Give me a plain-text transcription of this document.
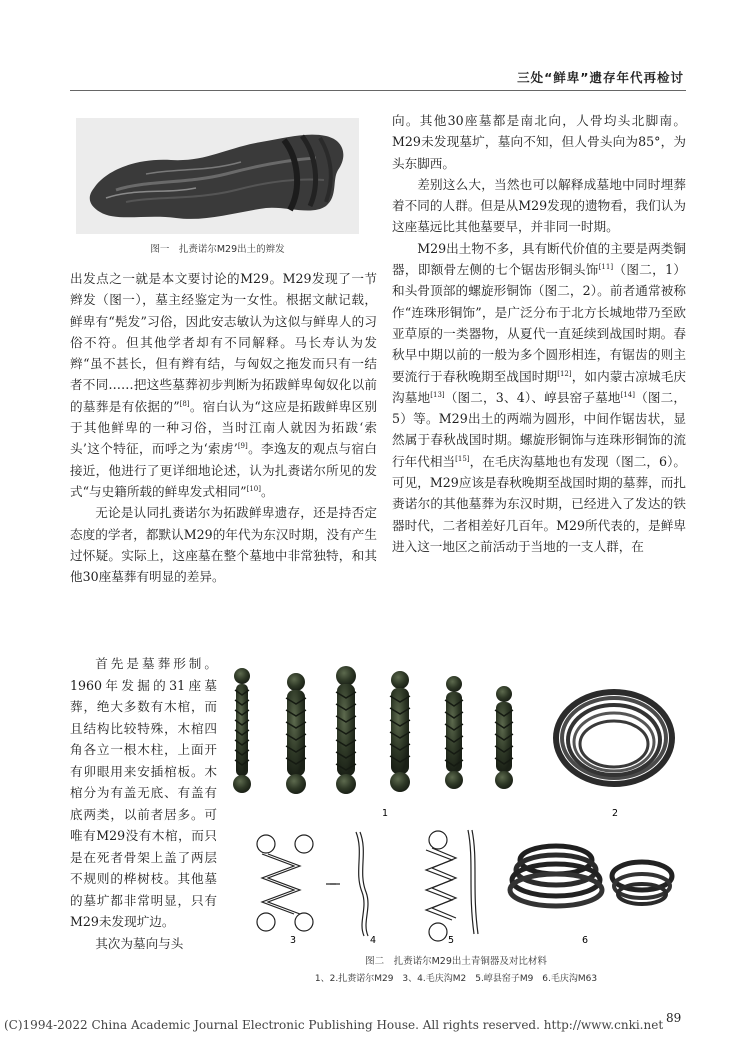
三处“鲜卑”遗存年代再检讨
图一　扎赉诺尔M29出土的辫发

出发点之一就是本文要讨论的M29。M29发现了一节辫发（图一），墓主经鉴定为一女性。根据文献记载，鲜卑有“髡发”习俗，因此安志敏认为这似与鲜卑人的习俗不符。但其他学者却有不同解释。马长寿认为发辫“虽不甚长，但有辫有结，与匈奴之拖发而只有一结者不同……把这些墓葬初步判断为拓跋鲜卑匈奴化以前的墓葬是有依据的”[8]。宿白认为“这应是拓跋鲜卑区别于其他鲜卑的一种习俗，当时江南人就因为拓跋‘索头’这个特征，而呼之为‘索虏’[9]。李逸友的观点与宿白接近，他进行了更详细地论述，认为扎赉诺尔所见的发式“与史籍所载的鲜卑发式相同”[10]。

无论是认同扎赉诺尔为拓跋鲜卑遗存，还是持否定态度的学者，都默认M29的年代为东汉时期，没有产生过怀疑。实际上，这座墓在整个墓地中非常独特，和其他30座墓葬有明显的差异。

首先是墓葬形制。1960年发掘的31座墓葬，绝大多数有木棺，而且结构比较特殊，木棺四角各立一根木柱，上面开有卯眼用来安插棺板。木棺分为有盖无底、有盖有底两类，以前者居多。可唯有M29没有木棺，而只是在死者骨架上盖了两层不规则的桦树枝。其他墓的墓圹都非常明显，只有M29未发现圹边。

其次为墓向与头

向。其他30座墓都是南北向，人骨均头北脚南。M29未发现墓圹，墓向不知，但人骨头向为85°，为头东脚西。

差别这么大，当然也可以解释成墓地中同时埋葬着不同的人群。但是从M29发现的遗物看，我们认为这座墓远比其他墓要早，并非同一时期。

M29出土物不多，具有断代价值的主要是两类铜器，即额骨左侧的七个锯齿形铜头饰[11]（图二，1）和头骨顶部的螺旋形铜饰（图二，2）。前者通常被称作“连珠形铜饰”，是广泛分布于北方长城地带乃至欧亚草原的一类器物，从夏代一直延续到战国时期。春秋早中期以前的一般为多个圆形相连，有锯齿的则主要流行于春秋晚期至战国时期[12]，如内蒙古凉城毛庆沟墓地[13]（图二，3、4）、崞县窑子墓地[14]（图二，5）等。M29出土的两端为圆形，中间作锯齿状，显然属于春秋战国时期。螺旋形铜饰与连珠形铜饰的流行年代相当[15]，在毛庆沟墓地也有发现（图二，6）。可见，M29应该是春秋晚期至战国时期的墓葬，而扎赉诺尔的其他墓葬为东汉时期，已经进入了发达的铁器时代，二者相差好几百年。M29所代表的，是鲜卑进入这一地区之前活动于当地的一支人群，在

1	2
3	4	5	6
图二　扎赉诺尔M29出土青铜器及对比材料
1、2.扎赉诺尔M29　3、4.毛庆沟M2　5.崞县窑子M9　6.毛庆沟M63
(C)1994-2022 China Academic Journal Electronic Publishing House. All rights reserved. http://www.cnki.net 89
